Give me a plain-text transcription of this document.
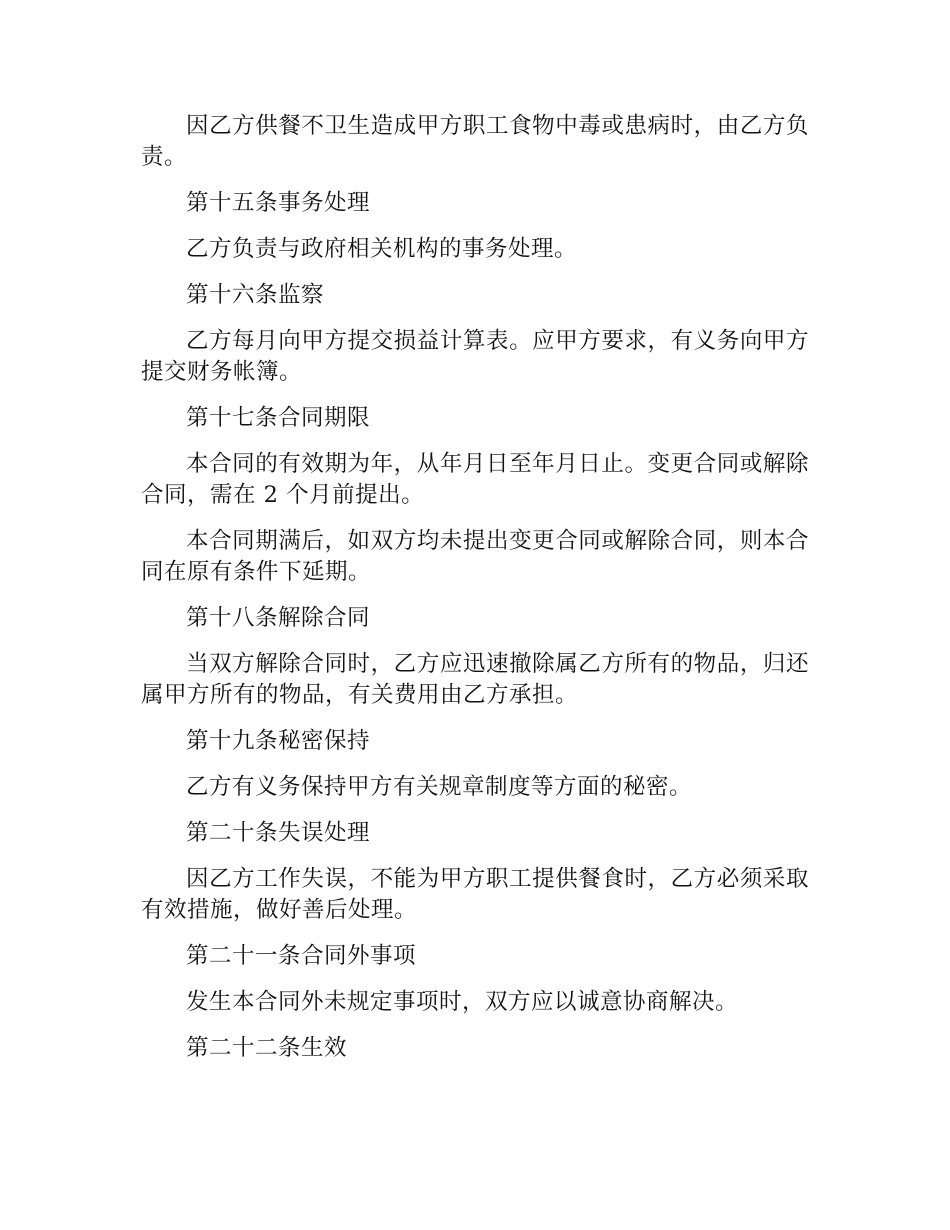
因乙方供餐不卫生造成甲方职工食物中毒或患病时，由乙方负责。

第十五条事务处理

乙方负责与政府相关机构的事务处理。

第十六条监察

乙方每月向甲方提交损益计算表。应甲方要求，有义务向甲方提交财务帐簿。

第十七条合同期限

本合同的有效期为年，从年月日至年月日止。变更合同或解除合同，需在 2 个月前提出。

本合同期满后，如双方均未提出变更合同或解除合同，则本合同在原有条件下延期。

第十八条解除合同

当双方解除合同时，乙方应迅速撤除属乙方所有的物品，归还属甲方所有的物品，有关费用由乙方承担。

第十九条秘密保持

乙方有义务保持甲方有关规章制度等方面的秘密。

第二十条失误处理

因乙方工作失误，不能为甲方职工提供餐食时，乙方必须采取有效措施，做好善后处理。

第二十一条合同外事项

发生本合同外未规定事项时，双方应以诚意协商解决。

第二十二条生效
